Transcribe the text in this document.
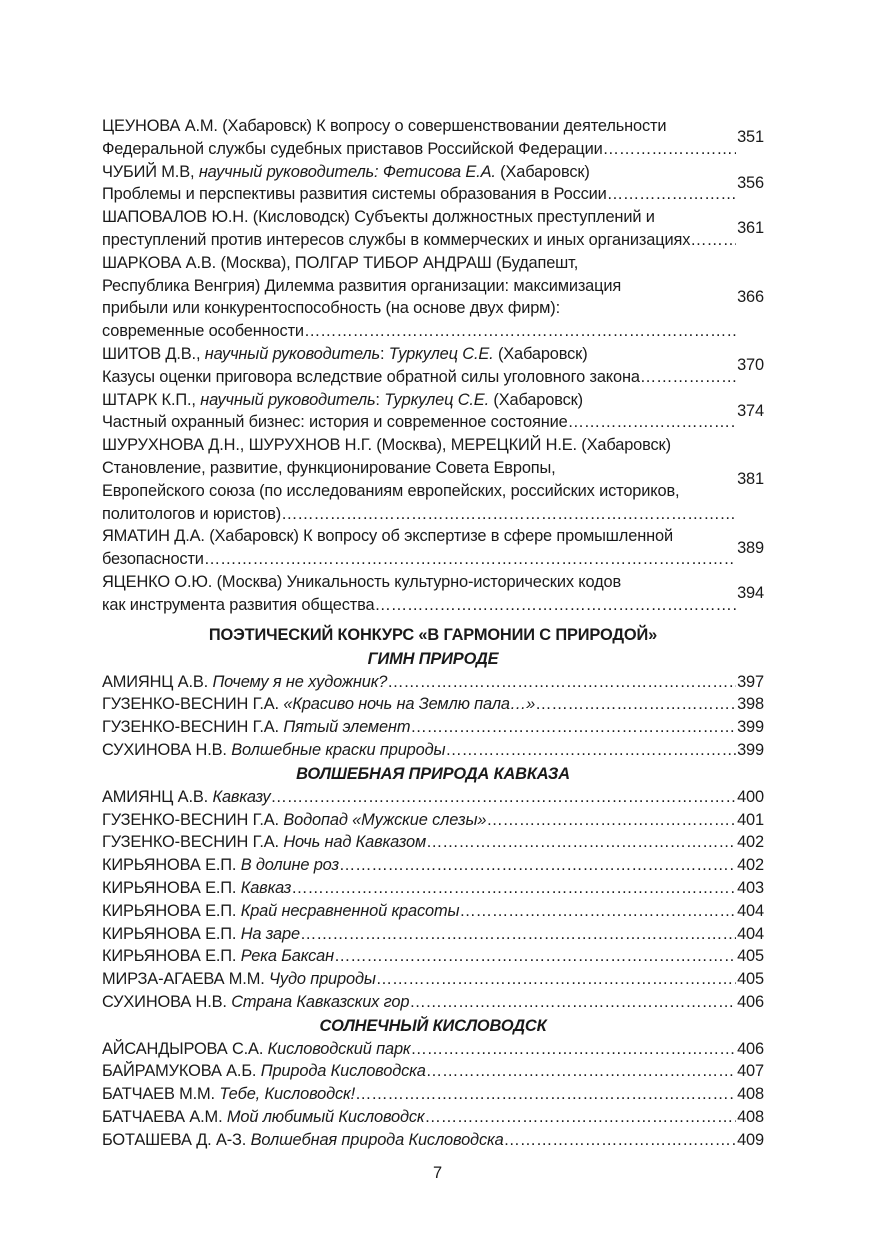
ЦЕУНОВА А.М. (Хабаровск) К вопросу о совершенствовании деятельности
Федеральной службы судебных приставов Российской Федерации
…………………………………………………………………………………………………………………………………………………………
351
ЧУБИЙ М.В, научный руководитель: Фетисова Е.А. (Хабаровск)
Проблемы и перспективы развития системы образования в России
…………………………………………………………………………………………………………………………………………………………
356
ШАПОВАЛОВ Ю.Н. (Кисловодск) Субъекты должностных преступлений и
преступлений против интересов службы в коммерческих и иных организациях
…………………………………………………………………………………………………………………………………………………………
361
ШАРКОВА А.В. (Москва), ПОЛГАР ТИБОР АНДРАШ (Будапешт,
Республика Венгрия) Дилемма развития организации: максимизация
прибыли или конкурентоспособность (на основе двух фирм):
современные особенности
…………………………………………………………………………………………………………………………………………………………
366
ШИТОВ Д.В., научный руководитель: Туркулец С.Е. (Хабаровск)
Казусы оценки приговора вследствие обратной силы уголовного закона
…………………………………………………………………………………………………………………………………………………………
370
ШТАРК К.П., научный руководитель: Туркулец С.Е. (Хабаровск)
Частный охранный бизнес: история и современное состояние
…………………………………………………………………………………………………………………………………………………………
374
ШУРУХНОВА Д.Н., ШУРУХНОВ Н.Г. (Москва), МЕРЕЦКИЙ Н.Е. (Хабаровск)
Становление, развитие, функционирование Совета Европы,
Европейского союза (по исследованиям европейских, российских историков,
политологов и юристов)
…………………………………………………………………………………………………………………………………………………………
381
ЯМАТИН Д.А. (Хабаровск) К вопросу об экспертизе в сфере промышленной
безопасности
…………………………………………………………………………………………………………………………………………………………
389
ЯЦЕНКО О.Ю. (Москва) Уникальность культурно-исторических кодов
как инструмента развития общества
…………………………………………………………………………………………………………………………………………………………
394
ПОЭТИЧЕСКИЙ КОНКУРС «В ГАРМОНИИ С ПРИРОДОЙ»
ГИМН ПРИРОДЕ
АМИЯНЦ А.В. Почему я не художник? …………………………………………………………………………………………………………………………………………………………	397
ГУЗЕНКО-ВЕСНИН Г.А. «Красиво ночь на Землю пала…» …………………………………………………………………………………………………………………………………………………………	398
ГУЗЕНКО-ВЕСНИН Г.А. Пятый элемент …………………………………………………………………………………………………………………………………………………………	399
СУХИНОВА Н.В. Волшебные краски природы …………………………………………………………………………………………………………………………………………………………	399
ВОЛШЕБНАЯ ПРИРОДА КАВКАЗА
АМИЯНЦ А.В. Кавказу …………………………………………………………………………………………………………………………………………………………	400
ГУЗЕНКО-ВЕСНИН Г.А. Водопад «Мужские слезы» …………………………………………………………………………………………………………………………………………………………	401
ГУЗЕНКО-ВЕСНИН Г.А. Ночь над Кавказом …………………………………………………………………………………………………………………………………………………………	402
КИРЬЯНОВА Е.П. В долине роз …………………………………………………………………………………………………………………………………………………………	402
КИРЬЯНОВА Е.П. Кавказ …………………………………………………………………………………………………………………………………………………………	403
КИРЬЯНОВА Е.П. Край несравненной красоты …………………………………………………………………………………………………………………………………………………………	404
КИРЬЯНОВА Е.П. На заре …………………………………………………………………………………………………………………………………………………………	404
КИРЬЯНОВА Е.П. Река Баксан …………………………………………………………………………………………………………………………………………………………	405
МИРЗА-АГАЕВА М.М. Чудо природы …………………………………………………………………………………………………………………………………………………………	405
СУХИНОВА Н.В. Страна Кавказских гор …………………………………………………………………………………………………………………………………………………………	406
СОЛНЕЧНЫЙ КИСЛОВОДСК
АЙСАНДЫРОВА С.А. Кисловодский парк …………………………………………………………………………………………………………………………………………………………	406
БАЙРАМУКОВА А.Б. Природа Кисловодска …………………………………………………………………………………………………………………………………………………………	407
БАТЧАЕВ М.М. Тебе, Кисловодск! …………………………………………………………………………………………………………………………………………………………	408
БАТЧАЕВА А.М. Мой любимый Кисловодск …………………………………………………………………………………………………………………………………………………………	408
БОТАШЕВА Д. А-З. Волшебная природа Кисловодска …………………………………………………………………………………………………………………………………………………………	409
7
